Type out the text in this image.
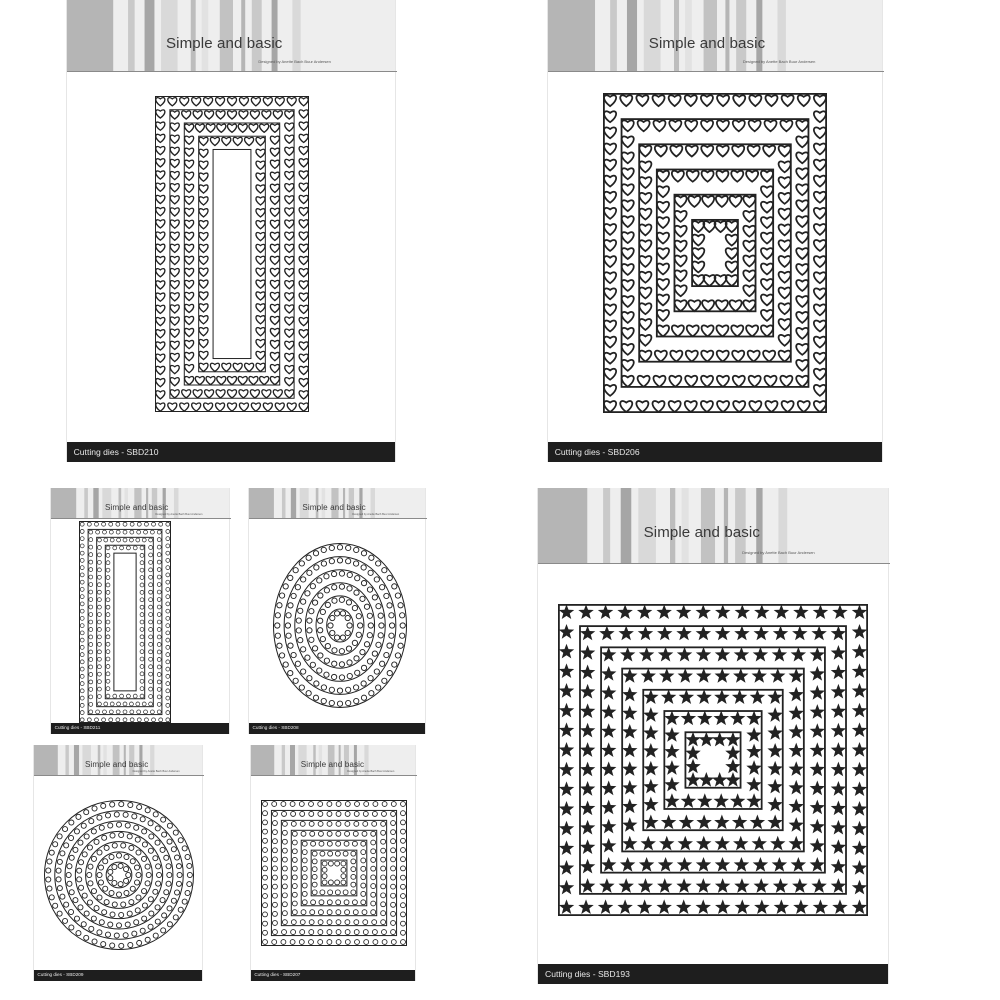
Simple and basic
Designed by Anette Bach Buur Andersen
Cutting dies - SBD210
Simple and basic
Designed by Anette Bach Buur Andersen
Cutting dies - SBD206
Simple and basic
Designed by Anette Bach Buur Andersen
Cutting dies - SBD211
Simple and basic
Designed by Anette Bach Buur Andersen
Cutting dies - SBD208
Simple and basic
Designed by Anette Bach Buur Andersen
Cutting dies - SBD209
Simple and basic
Designed by Anette Bach Buur Andersen
Cutting dies - SBD207
Simple and basic
Designed by Anette Bach Buur Andersen
Cutting dies - SBD193
